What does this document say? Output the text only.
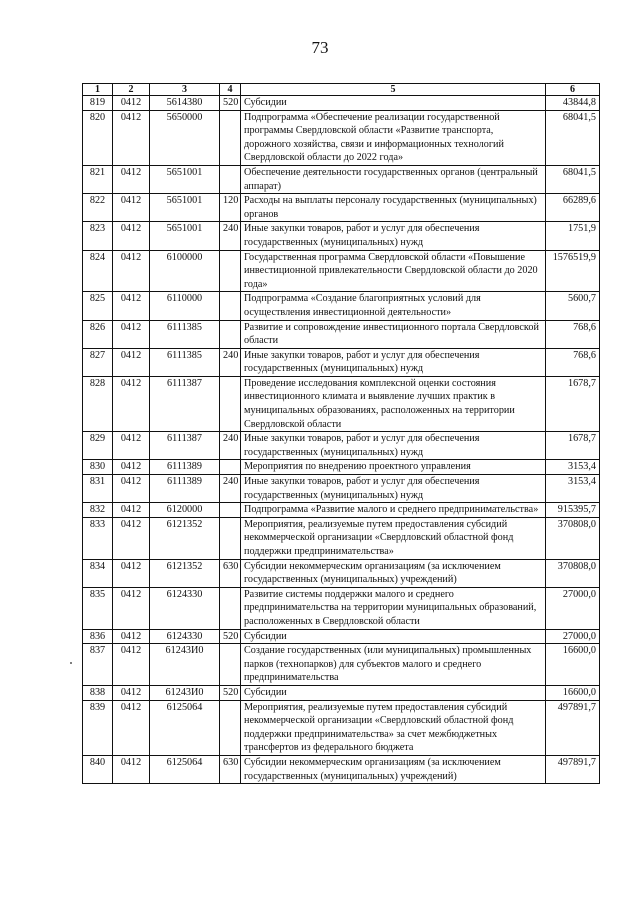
73
1	2	3	4	5	6
819	0412	5614380	520	Субсидии	43844,8
820	0412	5650000		Подпрограмма «Обеспечение реализации государственной программы Свердловской области «Развитие транспорта, дорожного хозяйства, связи и информационных технологий Свердловской области до 2022 года»	68041,5
821	0412	5651001		Обеспечение деятельности государственных органов (центральный аппарат)	68041,5
822	0412	5651001	120	Расходы на выплаты персоналу государственных (муниципальных) органов	66289,6
823	0412	5651001	240	Иные закупки товаров, работ и услуг для обеспечения государственных (муниципальных) нужд	1751,9
824	0412	6100000		Государственная программа Свердловской области «Повышение инвестиционной привлекательности Свердловской области до 2020 года»	1576519,9
825	0412	6110000		Подпрограмма «Создание благоприятных условий для осуществления инвестиционной деятельности»	5600,7
826	0412	6111385		Развитие и сопровождение инвестиционного портала Свердловской области	768,6
827	0412	6111385	240	Иные закупки товаров, работ и услуг для обеспечения государственных (муниципальных) нужд	768,6
828	0412	6111387		Проведение исследования комплексной оценки состояния инвестиционного климата и выявление лучших практик в муниципальных образованиях, расположенных на территории Свердловской области	1678,7
829	0412	6111387	240	Иные закупки товаров, работ и услуг для обеспечения государственных (муниципальных) нужд	1678,7
830	0412	6111389		Мероприятия по внедрению проектного управления	3153,4
831	0412	6111389	240	Иные закупки товаров, работ и услуг для обеспечения государственных (муниципальных) нужд	3153,4
832	0412	6120000		Подпрограмма «Развитие малого и среднего предпринимательства»	915395,7
833	0412	6121352		Мероприятия, реализуемые путем предоставления субсидий некоммерческой организации «Свердловский областной фонд поддержки предпринимательства»	370808,0
834	0412	6121352	630	Субсидии некоммерческим организациям (за исключением государственных (муниципальных) учреждений)	370808,0
835	0412	6124330		Развитие системы поддержки малого и среднего предпринимательства на территории муниципальных образований, расположенных в Свердловской области	27000,0
836	0412	6124330	520	Субсидии	27000,0
837	0412	61243И0		Создание государственных (или муниципальных) промышленных парков (технопарков) для субъектов малого и среднего предпринимательства	16600,0
838	0412	61243И0	520	Субсидии	16600,0
839	0412	6125064		Мероприятия, реализуемые путем предоставления субсидий некоммерческой организации «Свердловский областной фонд поддержки предпринимательства» за счет межбюджетных трансфертов из федерального бюджета	497891,7
840	0412	6125064	630	Субсидии некоммерческим организациям (за исключением государственных (муниципальных) учреждений)	497891,7
